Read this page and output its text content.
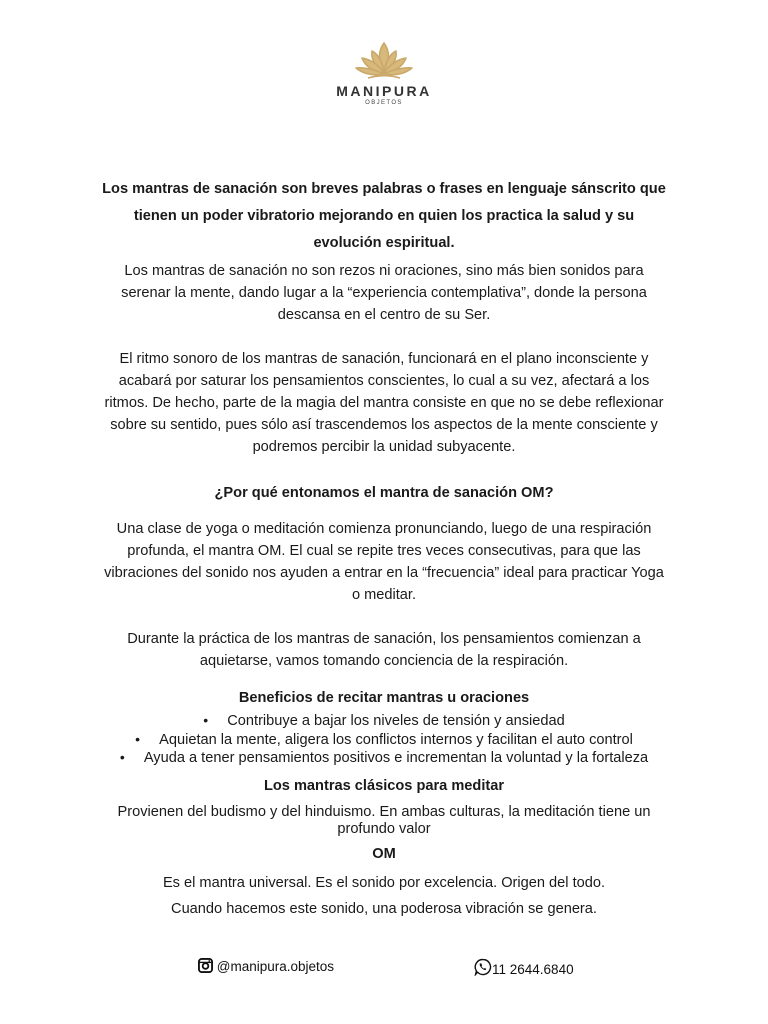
MANIPURA
OBJETOS

Los mantras de sanación son breves palabras o frases en lenguaje sánscrito que tienen un poder vibratorio mejorando en quien los practica la salud y su evolución espiritual.

Los mantras de sanación no son rezos ni oraciones, sino más bien sonidos para serenar la mente, dando lugar a la “experiencia contemplativa”, donde la persona descansa en el centro de su Ser.

El ritmo sonoro de los mantras de sanación, funcionará en el plano inconsciente y acabará por saturar los pensamientos conscientes, lo cual a su vez, afectará a los ritmos. De hecho, parte de la magia del mantra consiste en que no se debe reflexionar sobre su sentido, pues sólo así trascendemos los aspectos de la mente consciente y podremos percibir la unidad subyacente.

¿Por qué entonamos el mantra de sanación OM?

Una clase de yoga o meditación comienza pronunciando, luego de una respiración profunda, el mantra OM. El cual se repite tres veces consecutivas, para que las vibraciones del sonido nos ayuden a entrar en la “frecuencia” ideal para practicar Yoga o meditar.

Durante la práctica de los mantras de sanación, los pensamientos comienzan a aquietarse, vamos tomando conciencia de la respiración.

Beneficios de recitar mantras u oraciones

• Contribuye a bajar los niveles de tensión y ansiedad
• Aquietan la mente, aligera los conflictos internos y facilitan el auto control
• Ayuda a tener pensamientos positivos e incrementan la voluntad y la fortaleza

Los mantras clásicos para meditar

Provienen del budismo y del hinduismo. En ambas culturas, la meditación tiene un profundo valor

OM

Es el mantra universal. Es el sonido por excelencia. Origen del todo.

Cuando hacemos este sonido, una poderosa vibración se genera.

@manipura.objetos	11 2644.6840
